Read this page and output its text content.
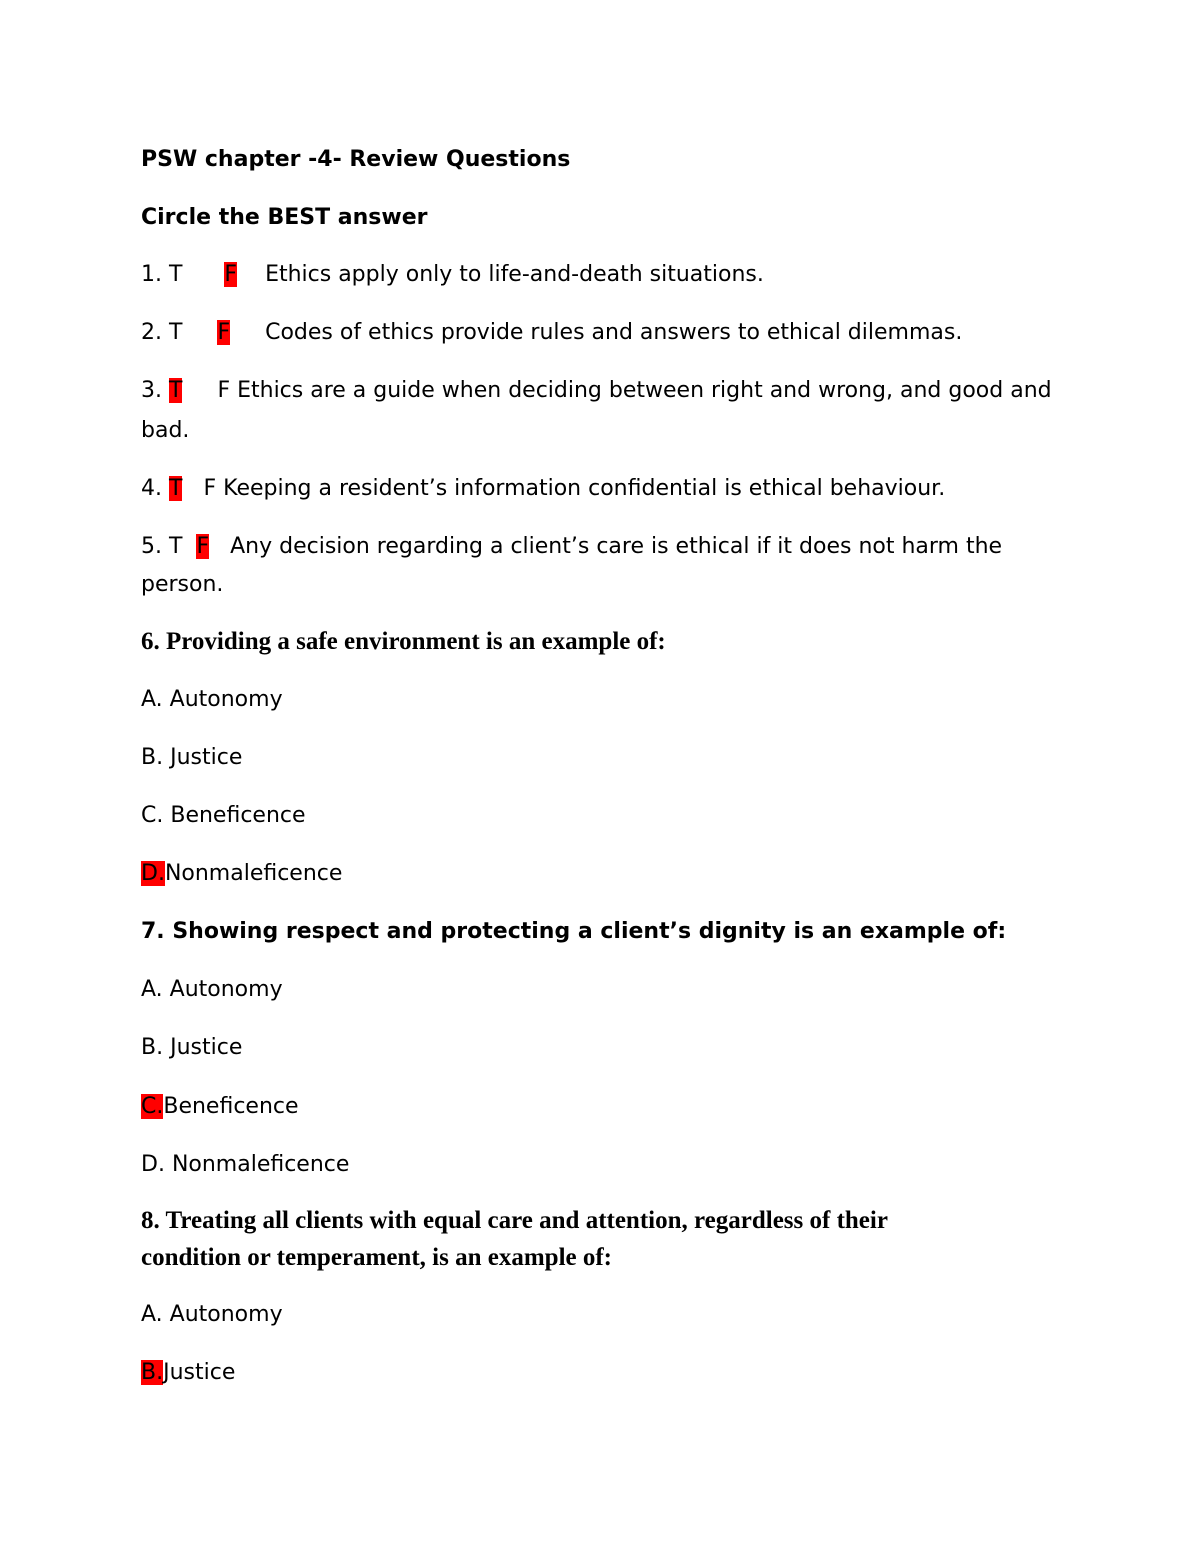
PSW chapter -4- Review Questions
Circle the BEST answer
1. T F Ethics apply only to life-and-death situations.
2. T F Codes of ethics provide rules and answers to ethical dilemmas.
3. T F Ethics are a guide when deciding between right and wrong, and good and
bad.
4. T F Keeping a resident’s information confidential is ethical behaviour.
5. T F Any decision regarding a client’s care is ethical if it does not harm the
person.
6. Providing a safe environment is an example of:
A. Autonomy
B. Justice
C. Beneficence
D.Nonmaleficence
7. Showing respect and protecting a client’s dignity is an example of:
A. Autonomy
B. Justice
C.Beneficence
D. Nonmaleficence
8. Treating all clients with equal care and attention, regardless of their
condition or temperament, is an example of:
A. Autonomy
B.Justice
